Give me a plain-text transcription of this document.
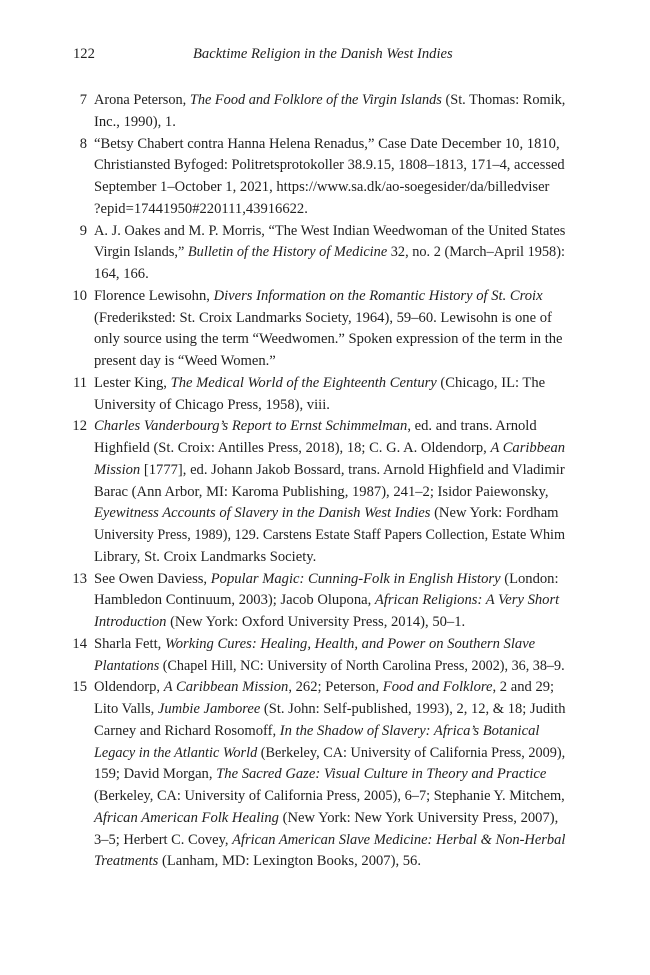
122	Backtime Religion in the Danish West Indies
7 Arona Peterson, The Food and Folklore of the Virgin Islands (St. Thomas: Romik,
Inc., 1990), 1.
8 “Betsy Chabert contra Hanna Helena Renadus,” Case Date December 10, 1810,
Christiansted Byfoged: Politretsprotokoller 38.9.15, 1808–1813, 171–4, accessed
September 1–October 1, 2021, https://www.sa.dk/ao-soegesider/da/billedviser
?epid=17441950#220111,43916622.
9 A. J. Oakes and M. P. Morris, “The West Indian Weedwoman of the United States
Virgin Islands,” Bulletin of the History of Medicine 32, no. 2 (March–April 1958):
164, 166.
10 Florence Lewisohn, Divers Information on the Romantic History of St. Croix
(Frederiksted: St. Croix Landmarks Society, 1964), 59–60. Lewisohn is one of
only source using the term “Weedwomen.” Spoken expression of the term in the
present day is “Weed Women.”
11 Lester King, The Medical World of the Eighteenth Century (Chicago, IL: The
University of Chicago Press, 1958), viii.
12 Charles Vanderbourg’s Report to Ernst Schimmelman, ed. and trans. Arnold
Highfield (St. Croix: Antilles Press, 2018), 18; C. G. A. Oldendorp, A Caribbean
Mission [1777], ed. Johann Jakob Bossard, trans. Arnold Highfield and Vladimir
Barac (Ann Arbor, MI: Karoma Publishing, 1987), 241–2; Isidor Paiewonsky,
Eyewitness Accounts of Slavery in the Danish West Indies (New York: Fordham
University Press, 1989), 129. Carstens Estate Staff Papers Collection, Estate Whim
Library, St. Croix Landmarks Society.
13 See Owen Daviess, Popular Magic: Cunning-Folk in English History (London:
Hambledon Continuum, 2003); Jacob Olupona, African Religions: A Very Short
Introduction (New York: Oxford University Press, 2014), 50–1.
14 Sharla Fett, Working Cures: Healing, Health, and Power on Southern Slave
Plantations (Chapel Hill, NC: University of North Carolina Press, 2002), 36, 38–9.
15 Oldendorp, A Caribbean Mission, 262; Peterson, Food and Folklore, 2 and 29;
Lito Valls, Jumbie Jamboree (St. John: Self-published, 1993), 2, 12, & 18; Judith
Carney and Richard Rosomoff, In the Shadow of Slavery: Africa’s Botanical
Legacy in the Atlantic World (Berkeley, CA: University of California Press, 2009),
159; David Morgan, The Sacred Gaze: Visual Culture in Theory and Practice
(Berkeley, CA: University of California Press, 2005), 6–7; Stephanie Y. Mitchem,
African American Folk Healing (New York: New York University Press, 2007),
3–5; Herbert C. Covey, African American Slave Medicine: Herbal & Non-Herbal
Treatments (Lanham, MD: Lexington Books, 2007), 56.
